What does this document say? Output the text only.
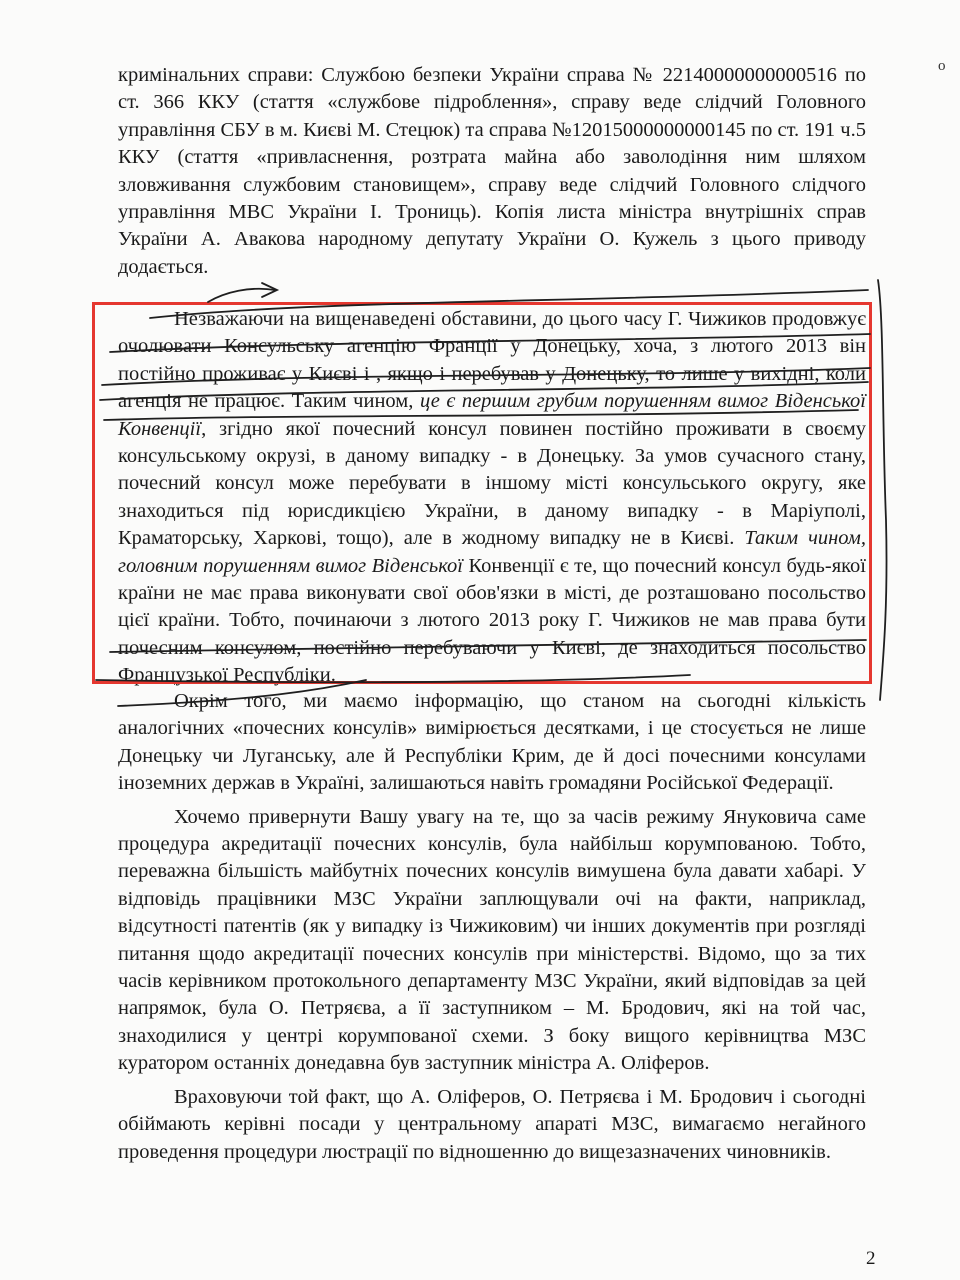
о

кримінальних справи: Службою безпеки України справа № 22140000000000516 по ст. 366 ККУ (стаття «службове підроблення», справу веде слідчий Головного управління СБУ в м. Києві М. Стецюк) та справа №12015000000000145 по ст. 191 ч.5 ККУ (стаття «привласнення, розтрата майна або заволодіння ним шляхом зловживання службовим становищем», справу веде слідчий Головного слідчого управління МВС України І. Трониць). Копія листа міністра внутрішніх справ України А. Авакова народному депутату України О. Кужель з цього приводу додається.

Незважаючи на вищенаведені обставини, до цього часу Г. Чижиков продовжує очолювати Консульську агенцію Франції у Донецьку, хоча, з лютого 2013 він постійно проживає у Києві і , якщо і перебував у Донецьку, то лише у вихідні, коли агенція не працює. Таким чином, це є першим грубим порушенням вимог Віденської Конвенції, згідно якої почесний консул повинен постійно проживати в своєму консульському окрузі, в даному випадку - в Донецьку. За умов сучасного стану, почесний консул може перебувати в іншому місті консульського округу, яке знаходиться під юрисдикцією України, в даному випадку - в Маріуполі, Краматорську, Харкові, тощо), але в жодному випадку не в Києві. Таким чином, головним порушенням вимог Віденської Конвенції є те, що почесний консул будь-якої країни не має права виконувати свої обов'язки в місті, де розташовано посольство цієї країни. Тобто, починаючи з лютого 2013 року Г. Чижиков не мав права бути почесним консулом, постійно перебуваючи у Києві, де знаходиться посольство Французької Республіки.

Окрім того, ми маємо інформацію, що станом на сьогодні кількість аналогічних «почесних консулів» вимірюється десятками, і це стосується не лише Донецьку чи Луганську, але й Республіки Крим, де й досі почесними консулами іноземних держав в Україні, залишаються навіть громадяни Російської Федерації.

Хочемо привернути Вашу увагу на те, що за часів режиму Януковича саме процедура акредитації почесних консулів, була найбільш корумпованою. Тобто, переважна більшість майбутніх почесних консулів вимушена була давати хабарі. У відповідь працівники МЗС України заплющували очі на факти, наприклад, відсутності патентів (як у випадку із Чижиковим) чи інших документів при розгляді питання щодо акредитації почесних консулів при міністерстві. Відомо, що за тих часів керівником протокольного департаменту МЗС України, який відповідав за цей напрямок, була О. Петряєва, а її заступником – М. Бродович, які на той час, знаходилися у центрі корумпованої схеми. З боку вищого керівництва МЗС куратором останніх донедавна був заступник міністра А. Оліферов.

Враховуючи той факт, що А. Оліферов, О. Петряєва і М. Бродович і сьогодні обіймають керівні посади у центральному апараті МЗС, вимагаємо негайного проведення процедури люстрації по відношенню до вищезазначених чиновників.

2
